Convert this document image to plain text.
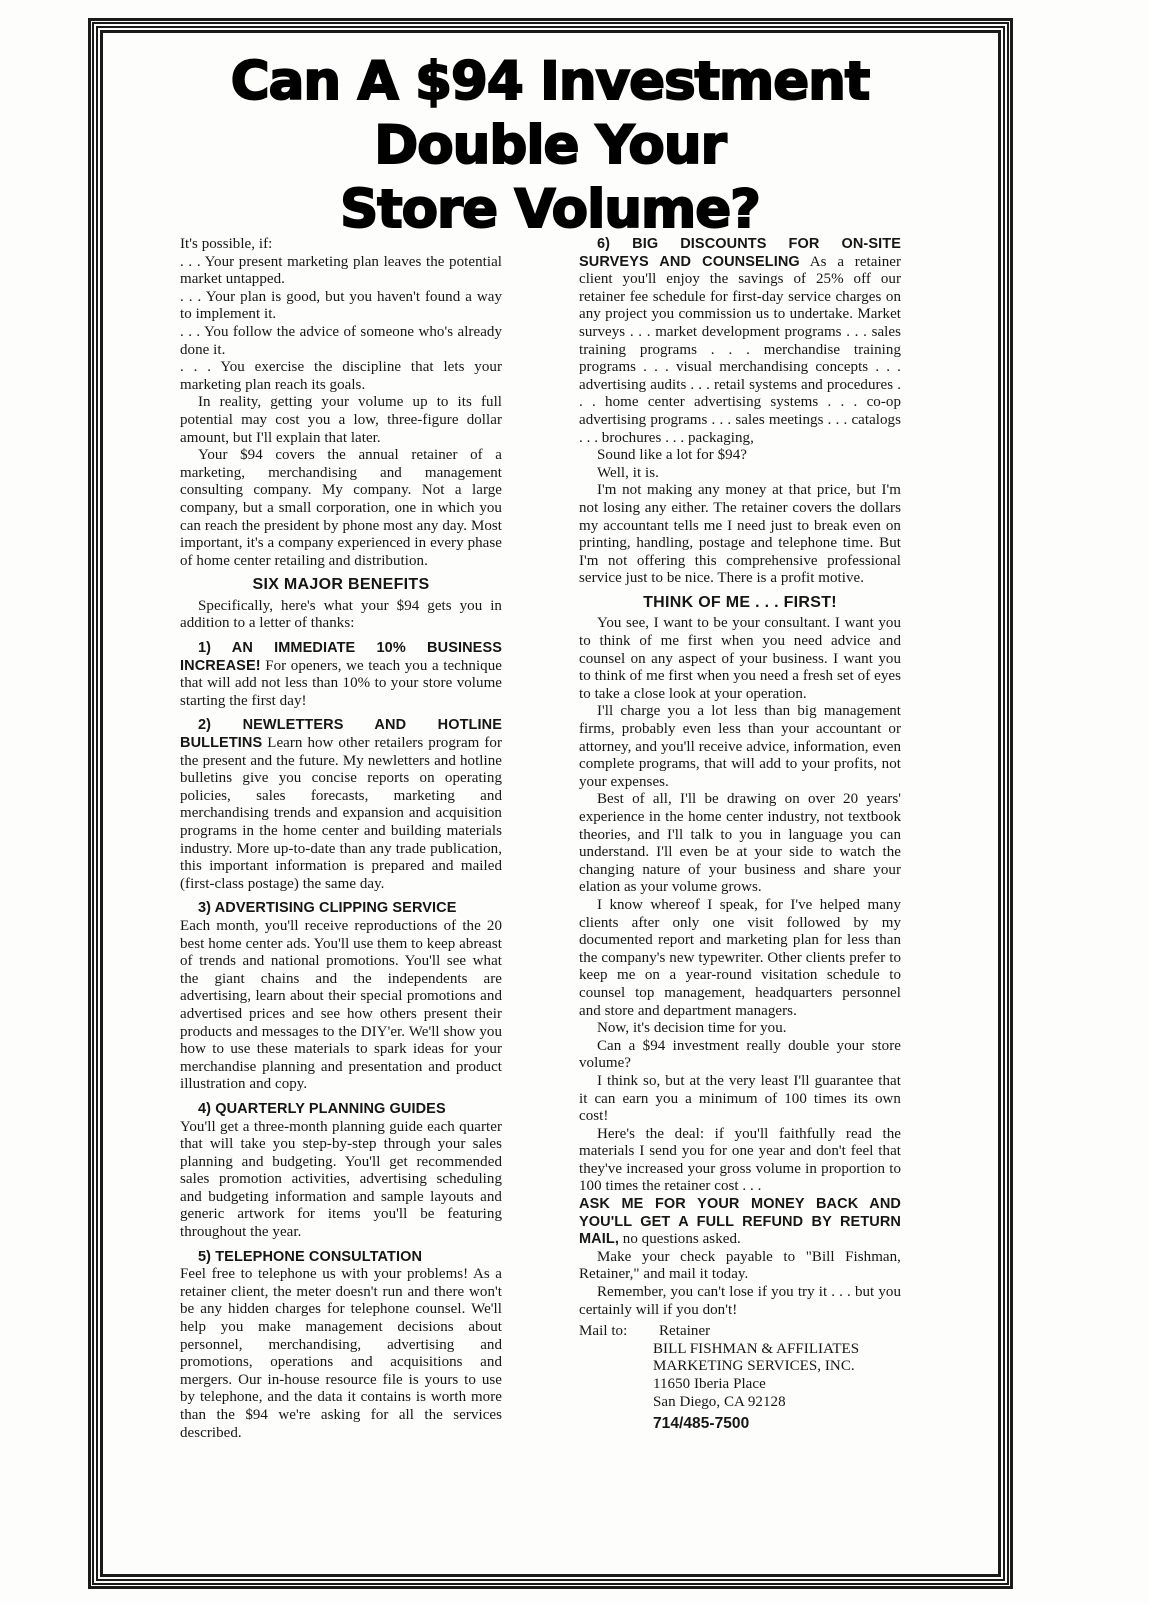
Can A $94 Investment
Double Your
Store Volume?

It's possible, if:

. . . Your present marketing plan leaves the potential market untapped.

. . . Your plan is good, but you haven't found a way to implement it.

. . . You follow the advice of someone who's already done it.

. . . You exercise the discipline that lets your marketing plan reach its goals.

In reality, getting your volume up to its full potential may cost you a low, three-figure dollar amount, but I'll explain that later.

Your $94 covers the annual retainer of a marketing, merchandising and management consulting company. My company. Not a large company, but a small corporation, one in which you can reach the president by phone most any day. Most important, it's a company experienced in every phase of home center retailing and distribution.

SIX MAJOR BENEFITS

Specifically, here's what your $94 gets you in addition to a letter of thanks:

1) AN IMMEDIATE 10% BUSINESS INCREASE! For openers, we teach you a technique that will add not less than 10% to your store volume starting the first day!

2) NEWLETTERS AND HOTLINE BULLETINS Learn how other retailers program for the present and the future. My newletters and hotline bulletins give you concise reports on operating policies, sales forecasts, marketing and merchandising trends and expansion and acquisition programs in the home center and building materials industry. More up-to-date than any trade publication, this important information is prepared and mailed (first-class postage) the same day.

3) ADVERTISING CLIPPING SERVICE

Each month, you'll receive reproductions of the 20 best home center ads. You'll use them to keep abreast of trends and national promotions. You'll see what the giant chains and the independents are advertising, learn about their special promotions and advertised prices and see how others present their products and messages to the DIY'er. We'll show you how to use these materials to spark ideas for your merchandise planning and presentation and product illustration and copy.

4) QUARTERLY PLANNING GUIDES

You'll get a three-month planning guide each quarter that will take you step-by-step through your sales planning and budgeting. You'll get recommended sales promotion activities, advertising scheduling and budgeting information and sample layouts and generic artwork for items you'll be featuring throughout the year.

5) TELEPHONE CONSULTATION

Feel free to telephone us with your problems! As a retainer client, the meter doesn't run and there won't be any hidden charges for telephone counsel. We'll help you make management decisions about personnel, merchandising, advertising and promotions, operations and acquisitions and mergers. Our in-house resource file is yours to use by telephone, and the data it contains is worth more than the $94 we're asking for all the services described.

6) BIG DISCOUNTS FOR ON-SITE SURVEYS AND COUNSELING As a retainer client you'll enjoy the savings of 25% off our retainer fee schedule for first-day service charges on any project you commission us to undertake. Market surveys . . . market development programs . . . sales training programs . . . merchandise training programs . . . visual merchandising concepts . . . advertising audits . . . retail systems and procedures . . . home center advertising systems . . . co-op advertising programs . . . sales meetings . . . catalogs . . . brochures . . . packaging,

Sound like a lot for $94?

Well, it is.

I'm not making any money at that price, but I'm not losing any either. The retainer covers the dollars my accountant tells me I need just to break even on printing, handling, postage and telephone time. But I'm not offering this comprehensive professional service just to be nice. There is a profit motive.

THINK OF ME . . . FIRST!

You see, I want to be your consultant. I want you to think of me first when you need advice and counsel on any aspect of your business. I want you to think of me first when you need a fresh set of eyes to take a close look at your operation.

I'll charge you a lot less than big management firms, probably even less than your accountant or attorney, and you'll receive advice, information, even complete programs, that will add to your profits, not your expenses.

Best of all, I'll be drawing on over 20 years' experience in the home center industry, not textbook theories, and I'll talk to you in language you can understand. I'll even be at your side to watch the changing nature of your business and share your elation as your volume grows.

I know whereof I speak, for I've helped many clients after only one visit followed by my documented report and marketing plan for less than the company's new typewriter. Other clients prefer to keep me on a year-round visitation schedule to counsel top management, headquarters personnel and store and department managers.

Now, it's decision time for you.

Can a $94 investment really double your store volume?

I think so, but at the very least I'll guarantee that it can earn you a minimum of 100 times its own cost!

Here's the deal: if you'll faithfully read the materials I send you for one year and don't feel that they've increased your gross volume in proportion to 100 times the retainer cost . . .

ASK ME FOR YOUR MONEY BACK AND YOU'LL GET A FULL REFUND BY RETURN MAIL, no questions asked.

Make your check payable to "Bill Fishman, Retainer," and mail it today.

Remember, you can't lose if you try it . . . but you certainly will if you don't!

Mail to:	Retainer
BILL FISHMAN & AFFILIATES
MARKETING SERVICES, INC.
11650 Iberia Place
San Diego, CA 92128
714/485-7500
